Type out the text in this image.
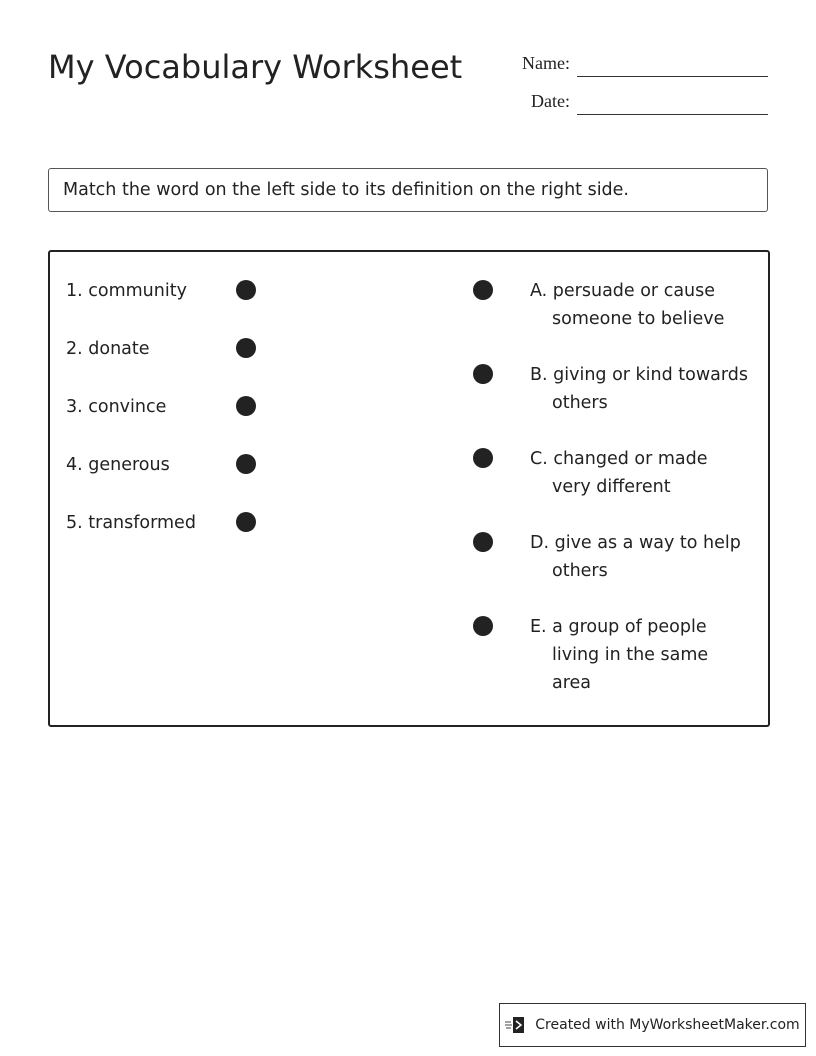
My Vocabulary Worksheet	Name:
Date:
Match the word on the left side to its definition on the right side.
Created with MyWorksheetMaker.com
1. community
2. donate
3. convince
4. generous
5. transformed
A. persuade or cause
someone to believe
B. giving or kind towards
others
C. changed or made
very different
D. give as a way to help
others
E. a group of people
living in the same area
